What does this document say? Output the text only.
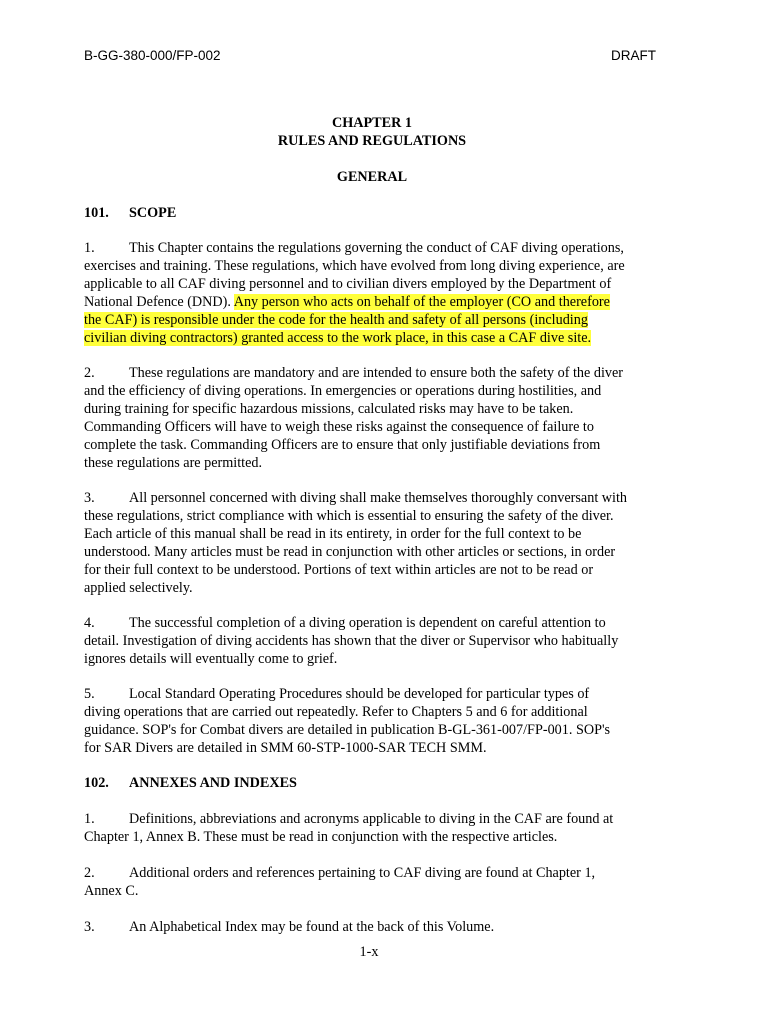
B-GG-380-000/FP-002	DRAFT
CHAPTER 1
RULES AND REGULATIONS
GENERAL
101. SCOPE
1. This Chapter contains the regulations governing the conduct of CAF diving operations,
exercises and training. These regulations, which have evolved from long diving experience, are
applicable to all CAF diving personnel and to civilian divers employed by the Department of
National Defence (DND). Any person who acts on behalf of the employer (CO and therefore
the CAF) is responsible under the code for the health and safety of all persons (including
civilian diving contractors) granted access to the work place, in this case a CAF dive site.
2. These regulations are mandatory and are intended to ensure both the safety of the diver
and the efficiency of diving operations. In emergencies or operations during hostilities, and
during training for specific hazardous missions, calculated risks may have to be taken.
Commanding Officers will have to weigh these risks against the consequence of failure to
complete the task. Commanding Officers are to ensure that only justifiable deviations from
these regulations are permitted.
3. All personnel concerned with diving shall make themselves thoroughly conversant with
these regulations, strict compliance with which is essential to ensuring the safety of the diver.
Each article of this manual shall be read in its entirety, in order for the full context to be
understood. Many articles must be read in conjunction with other articles or sections, in order
for their full context to be understood. Portions of text within articles are not to be read or
applied selectively.
4. The successful completion of a diving operation is dependent on careful attention to
detail. Investigation of diving accidents has shown that the diver or Supervisor who habitually
ignores details will eventually come to grief.
5. Local Standard Operating Procedures should be developed for particular types of
diving operations that are carried out repeatedly. Refer to Chapters 5 and 6 for additional
guidance. SOP's for Combat divers are detailed in publication B-GL-361-007/FP-001. SOP's
for SAR Divers are detailed in SMM 60-STP-1000-SAR TECH SMM.
102. ANNEXES AND INDEXES
1. Definitions, abbreviations and acronyms applicable to diving in the CAF are found at
Chapter 1, Annex B. These must be read in conjunction with the respective articles.
2. Additional orders and references pertaining to CAF diving are found at Chapter 1,
Annex C.
3. An Alphabetical Index may be found at the back of this Volume.
1-x
